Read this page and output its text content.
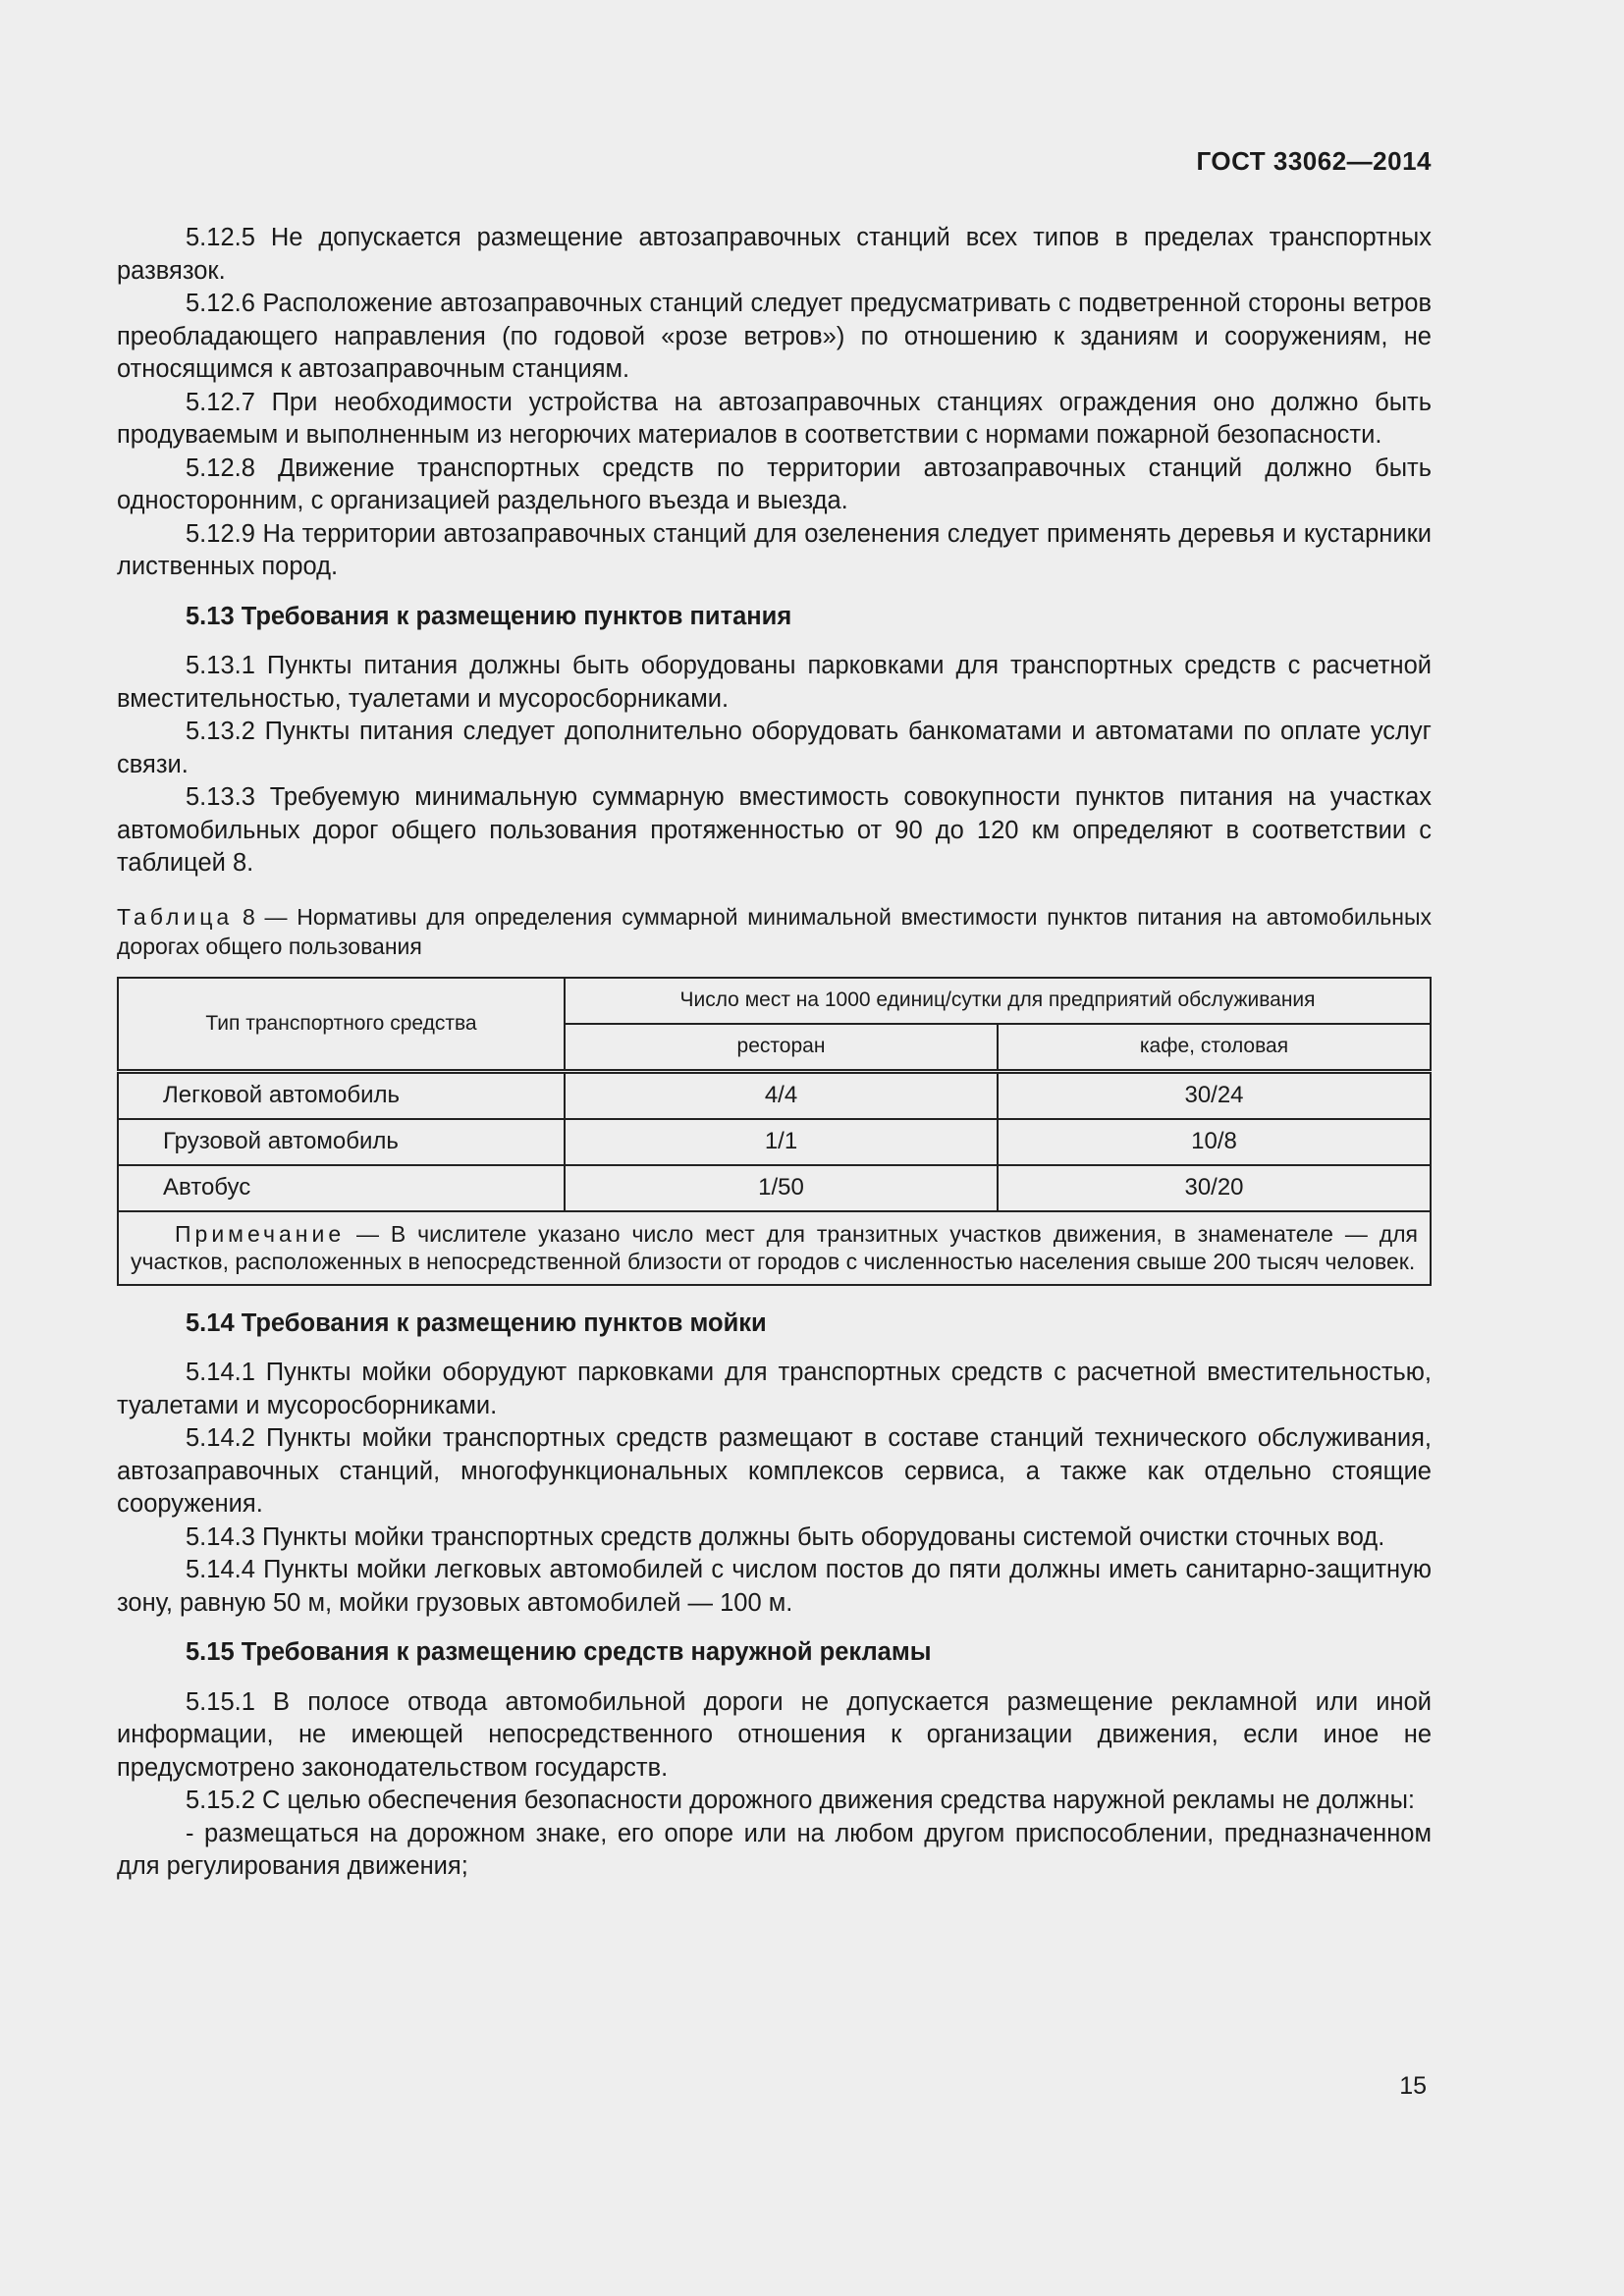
ГОСТ 33062—2014

5.12.5 Не допускается размещение автозаправочных станций всех типов в пределах транспортных развязок.

5.12.6 Расположение автозаправочных станций следует предусматривать с подветренной стороны ветров преобладающего направления (по годовой «розе ветров») по отношению к зданиям и сооружениям, не относящимся к автозаправочным станциям.

5.12.7 При необходимости устройства на автозаправочных станциях ограждения оно должно быть продуваемым и выполненным из негорючих материалов в соответствии с нормами пожарной безопасности.

5.12.8 Движение транспортных средств по территории автозаправочных станций должно быть односторонним, с организацией раздельного въезда и выезда.

5.12.9 На территории автозаправочных станций для озеленения следует применять деревья и кустарники лиственных пород.

5.13 Требования к размещению пунктов питания

5.13.1 Пункты питания должны быть оборудованы парковками для транспортных средств с расчетной вместительностью, туалетами и мусоросборниками.

5.13.2 Пункты питания следует дополнительно оборудовать банкоматами и автоматами по оплате услуг связи.

5.13.3 Требуемую минимальную суммарную вместимость совокупности пунктов питания на участках автомобильных дорог общего пользования протяженностью от 90 до 120 км определяют в соответствии с таблицей 8.

Таблица 8 — Нормативы для определения суммарной минимальной вместимости пунктов питания на автомобильных дорогах общего пользования
Тип транспортного средства	Число мест на 1000 единиц/сутки для предприятий обслуживания	
	ресторан	кафе, столовая
Легковой автомобиль	4/4	30/24
Грузовой автомобиль	1/1	10/8
Автобус	1/50	30/20

Примечание — В числителе указано число мест для транзитных участков движения, в знаменателе — для участков, расположенных в непосредственной близости от городов с численностью населения свыше 200 тысяч человек.		
5.14 Требования к размещению пунктов мойки

5.14.1 Пункты мойки оборудуют парковками для транспортных средств с расчетной вместительностью, туалетами и мусоросборниками.

5.14.2 Пункты мойки транспортных средств размещают в составе станций технического обслуживания, автозаправочных станций, многофункциональных комплексов сервиса, а также как отдельно стоящие сооружения.

5.14.3 Пункты мойки транспортных средств должны быть оборудованы системой очистки сточных вод.

5.14.4 Пункты мойки легковых автомобилей с числом постов до пяти должны иметь санитарно-защитную зону, равную 50 м, мойки грузовых автомобилей — 100 м.

5.15 Требования к размещению средств наружной рекламы

5.15.1 В полосе отвода автомобильной дороги не допускается размещение рекламной или иной информации, не имеющей непосредственного отношения к организации движения, если иное не предусмотрено законодательством государств.

5.15.2 С целью обеспечения безопасности дорожного движения средства наружной рекламы не должны:

- размещаться на дорожном знаке, его опоре или на любом другом приспособлении, предназначенном для регулирования движения;

15
